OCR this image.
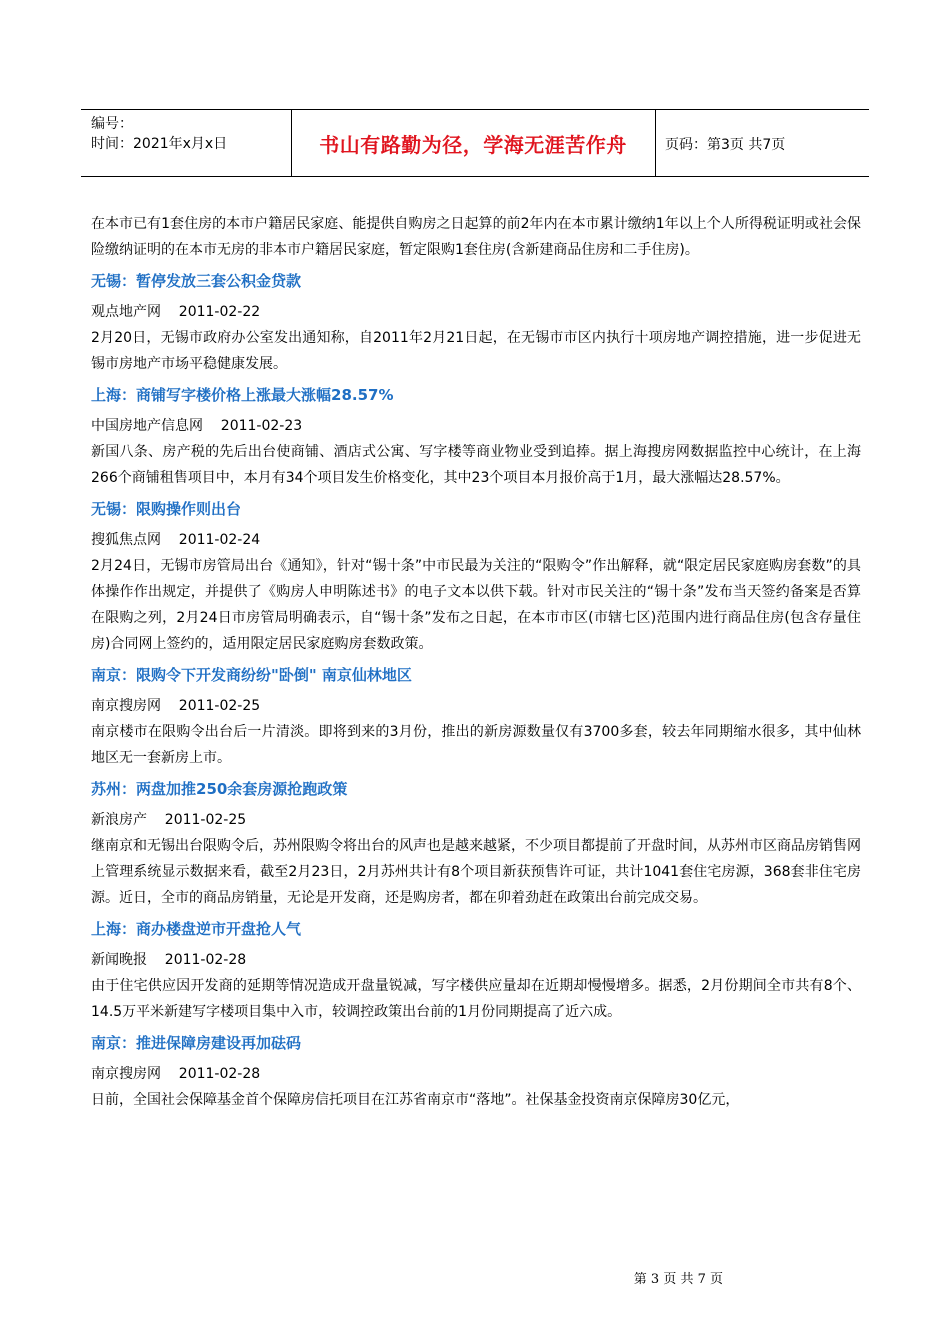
编号：
时间：2021年x月x日	书山有路勤为径，学海无涯苦作舟	页码：第3页 共7页

在本市已有1套住房的本市户籍居民家庭、能提供自购房之日起算的前2年内在本市累计缴纳1年以上个人所得税证明或社会保险缴纳证明的在本市无房的非本市户籍居民家庭，暂定限购1套住房(含新建商品住房和二手住房)。

无锡：暂停发放三套公积金贷款

观点地产网    2011-02-22

2月20日，无锡市政府办公室发出通知称，自2011年2月21日起，在无锡市市区内执行十项房地产调控措施，进一步促进无锡市房地产市场平稳健康发展。

上海：商铺写字楼价格上涨最大涨幅28.57%

中国房地产信息网    2011-02-23

新国八条、房产税的先后出台使商铺、酒店式公寓、写字楼等商业物业受到追捧。据上海搜房网数据监控中心统计，在上海266个商铺租售项目中，本月有34个项目发生价格变化，其中23个项目本月报价高于1月，最大涨幅达28.57%。

无锡：限购操作则出台

搜狐焦点网    2011-02-24

2月24日，无锡市房管局出台《通知》，针对“锡十条”中市民最为关注的“限购令”作出解释，就“限定居民家庭购房套数”的具体操作作出规定，并提供了《购房人申明陈述书》的电子文本以供下载。针对市民关注的“锡十条”发布当天签约备案是否算在限购之列，2月24日市房管局明确表示，自“锡十条”发布之日起，在本市市区(市辖七区)范围内进行商品住房(包含存量住房)合同网上签约的，适用限定居民家庭购房套数政策。

南京：限购令下开发商纷纷"卧倒" 南京仙林地区

南京搜房网    2011-02-25

南京楼市在限购令出台后一片清淡。即将到来的3月份，推出的新房源数量仅有3700多套，较去年同期缩水很多，其中仙林地区无一套新房上市。

苏州：两盘加推250余套房源抢跑政策

新浪房产    2011-02-25

继南京和无锡出台限购令后，苏州限购令将出台的风声也是越来越紧，不少项目都提前了开盘时间，从苏州市区商品房销售网上管理系统显示数据来看，截至2月23日，2月苏州共计有8个项目新获预售许可证，共计1041套住宅房源，368套非住宅房源。近日，全市的商品房销量，无论是开发商，还是购房者，都在卯着劲赶在政策出台前完成交易。

上海：商办楼盘逆市开盘抢人气

新闻晚报    2011-02-28

由于住宅供应因开发商的延期等情况造成开盘量锐减，写字楼供应量却在近期却慢慢增多。据悉，2月份期间全市共有8个、14.5万平米新建写字楼项目集中入市，较调控政策出台前的1月份同期提高了近六成。

南京：推进保障房建设再加砝码

南京搜房网    2011-02-28

日前，全国社会保障基金首个保障房信托项目在江苏省南京市“落地”。社保基金投资南京保障房30亿元，

第 3 页 共 7 页
